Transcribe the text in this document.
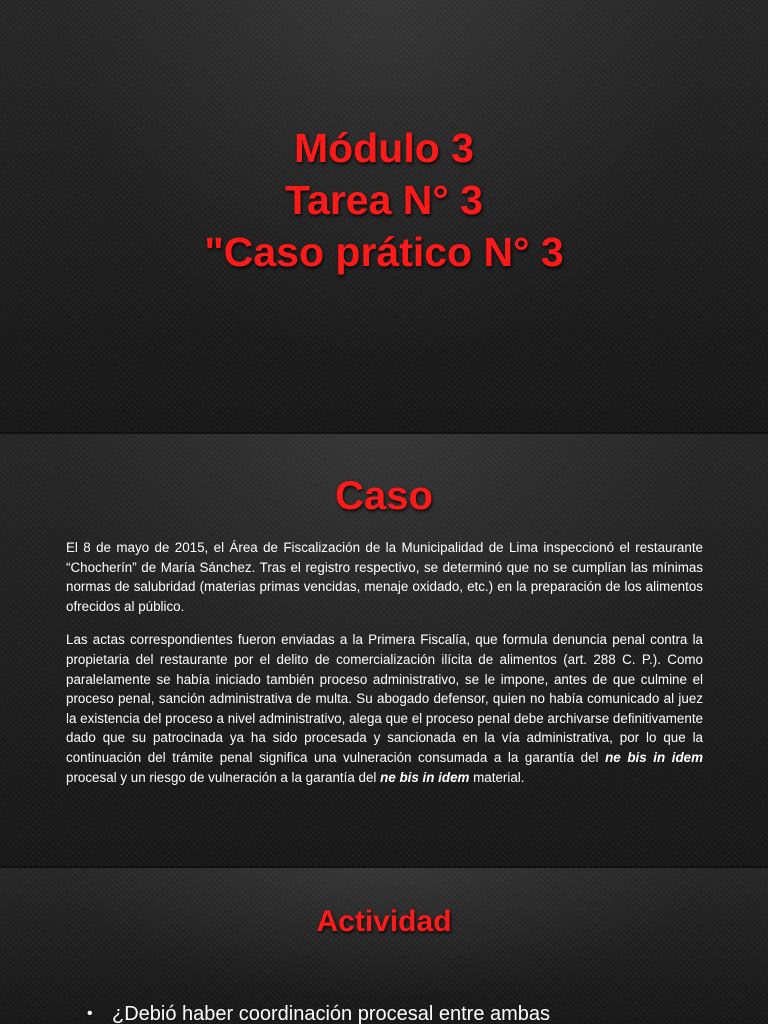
Módulo 3
Tarea N° 3
"Caso prático N° 3
Caso

El 8 de mayo de 2015, el Área de Fiscalización de la Municipalidad de Lima inspeccionó el restaurante “Chocherín” de María Sánchez. Tras el registro respectivo, se determinó que no se cumplían las mínimas normas de salubridad (materias primas vencidas, menaje oxidado, etc.) en la preparación de los alimentos ofrecidos al público.

Las actas correspondientes fueron enviadas a la Primera Fiscalía, que formula denuncia penal contra la propietaria del restaurante por el delito de comercialización ilícita de alimentos (art. 288 C. P.). Como paralelamente se había iniciado también proceso administrativo, se le impone, antes de que culmine el proceso penal, sanción administrativa de multa. Su abogado defensor, quien no había comunicado al juez la existencia del proceso a nivel administrativo, alega que el proceso penal debe archivarse definitivamente dado que su patrocinada ya ha sido procesada y sancionada en la vía administrativa, por lo que la continuación del trámite penal significa una vulneración consumada a la garantía del ne bis in idem procesal y un riesgo de vulneración a la garantía del ne bis in idem material.

Actividad
• ¿Debió haber coordinación procesal entre ambas
